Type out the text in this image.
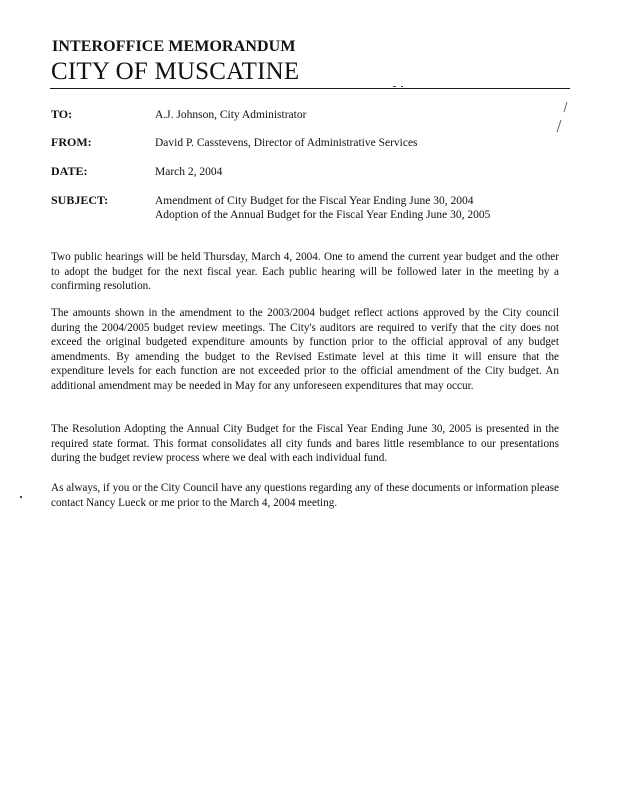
INTEROFFICE MEMORANDUM
CITY OF MUSCATINE
TO:	A.J. Johnson, City Administrator
FROM:	David P. Casstevens, Director of Administrative Services
DATE:	March 2, 2004
SUBJECT:	Amendment of City Budget for the Fiscal Year Ending June 30, 2004
Adoption of the Annual Budget for the Fiscal Year Ending June 30, 2005
Two public hearings will be held Thursday, March 4, 2004. One to amend the current year budget and the other to adopt the budget for the next fiscal year. Each public hearing will be followed later in the meeting by a confirming resolution.
The amounts shown in the amendment to the 2003/2004 budget reflect actions approved by the City council during the 2004/2005 budget review meetings. The City's auditors are required to verify that the city does not exceed the original budgeted expenditure amounts by function prior to the official approval of any budget amendments. By amending the budget to the Revised Estimate level at this time it will ensure that the expenditure levels for each function are not exceeded prior to the official amendment of the City budget. An additional amendment may be needed in May for any unforeseen expenditures that may occur.
The Resolution Adopting the Annual City Budget for the Fiscal Year Ending June 30, 2005 is presented in the required state format. This format consolidates all city funds and bares little resemblance to our presentations during the budget review process where we deal with each individual fund.
As always, if you or the City Council have any questions regarding any of these documents or information please contact Nancy Lueck or me prior to the March 4, 2004 meeting.
